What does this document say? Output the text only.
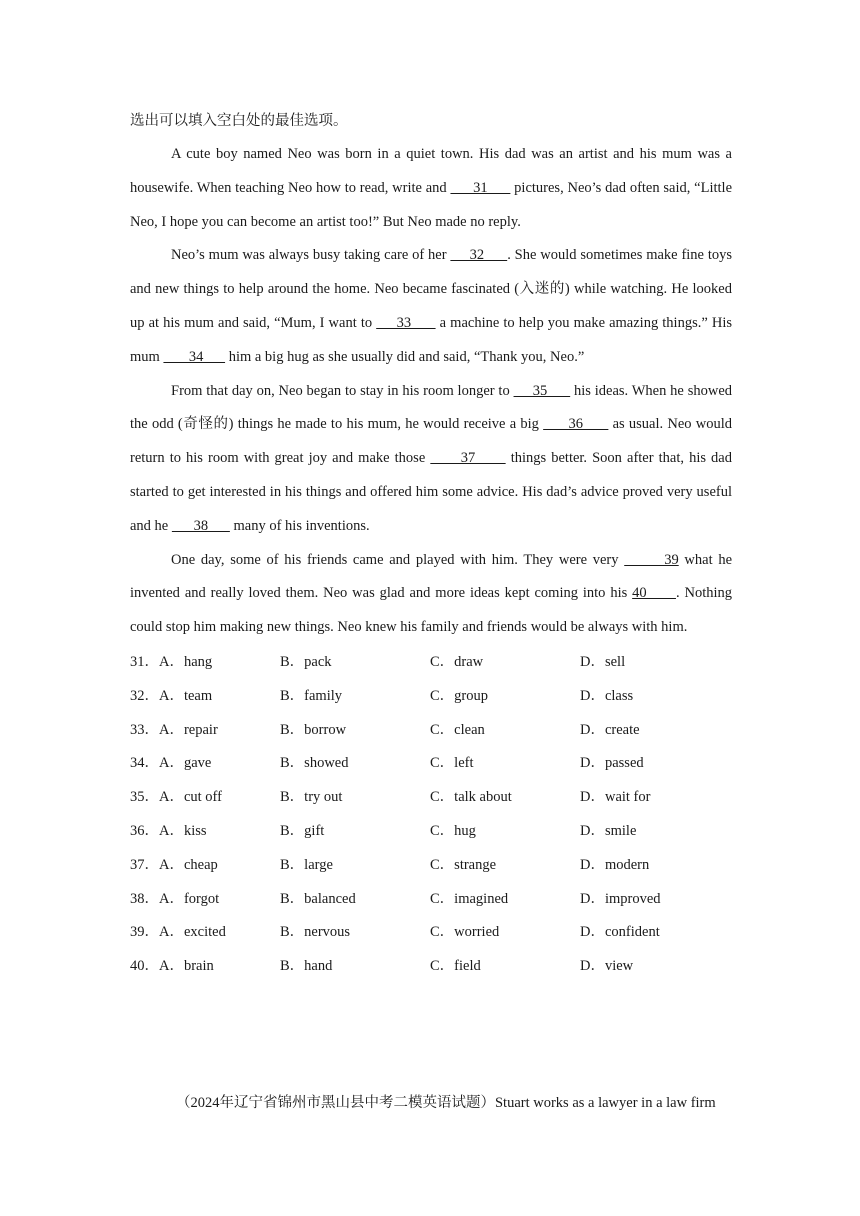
选出可以填入空白处的最佳选项。

A cute boy named Neo was born in a quiet town. His dad was an artist and his mum was a housewife. When teaching Neo how to read, write and       31       pictures, Neo’s dad often said, “Little Neo, I hope you can become an artist too!” But Neo made no reply.

Neo’s mum was always busy taking care of her      32      . She would sometimes make fine toys and new things to help around the home. Neo became fascinated (入迷的) while watching. He looked up at his mum and said, “Mum, I want to      33       a machine to help you make amazing things.” His mum        34       him a big hug as she usually did and said, “Thank you, Neo.”

From that day on, Neo began to stay in his room longer to      35       his ideas. When he showed the odd (奇怪的) things he made to his mum, he would receive a big       36       as usual. Neo would return to his room with great joy and make those       37       things better. Soon after that, his dad started to get interested in his things and offered him some advice. His dad’s advice proved very useful and he       38       many of his inventions.

One day, some of his friends came and played with him. They were very        39 what he invented and really loved them. Neo was glad and more ideas kept coming into his 40      . Nothing could stop him making new things. Neo knew his family and friends would be always with him.

31．A．hang	B．pack	C．draw	D．sell
32．A．team	B．family	C．group	D．class
33．A．repair	B．borrow	C．clean	D．create
34．A．gave	B．showed	C．left	D．passed
35．A．cut off	B．try out	C．talk about	D．wait for
36．A．kiss	B．gift	C．hug	D．smile
37．A．cheap	B．large	C．strange	D．modern
38．A．forgot	B．balanced	C．imagined	D．improved
39．A．excited	B．nervous	C．worried	D．confident
40．A．brain	B．hand	C．field	D．view
（2024年辽宁省锦州市黑山县中考二模英语试题）Stuart works as a lawyer in a law firm
